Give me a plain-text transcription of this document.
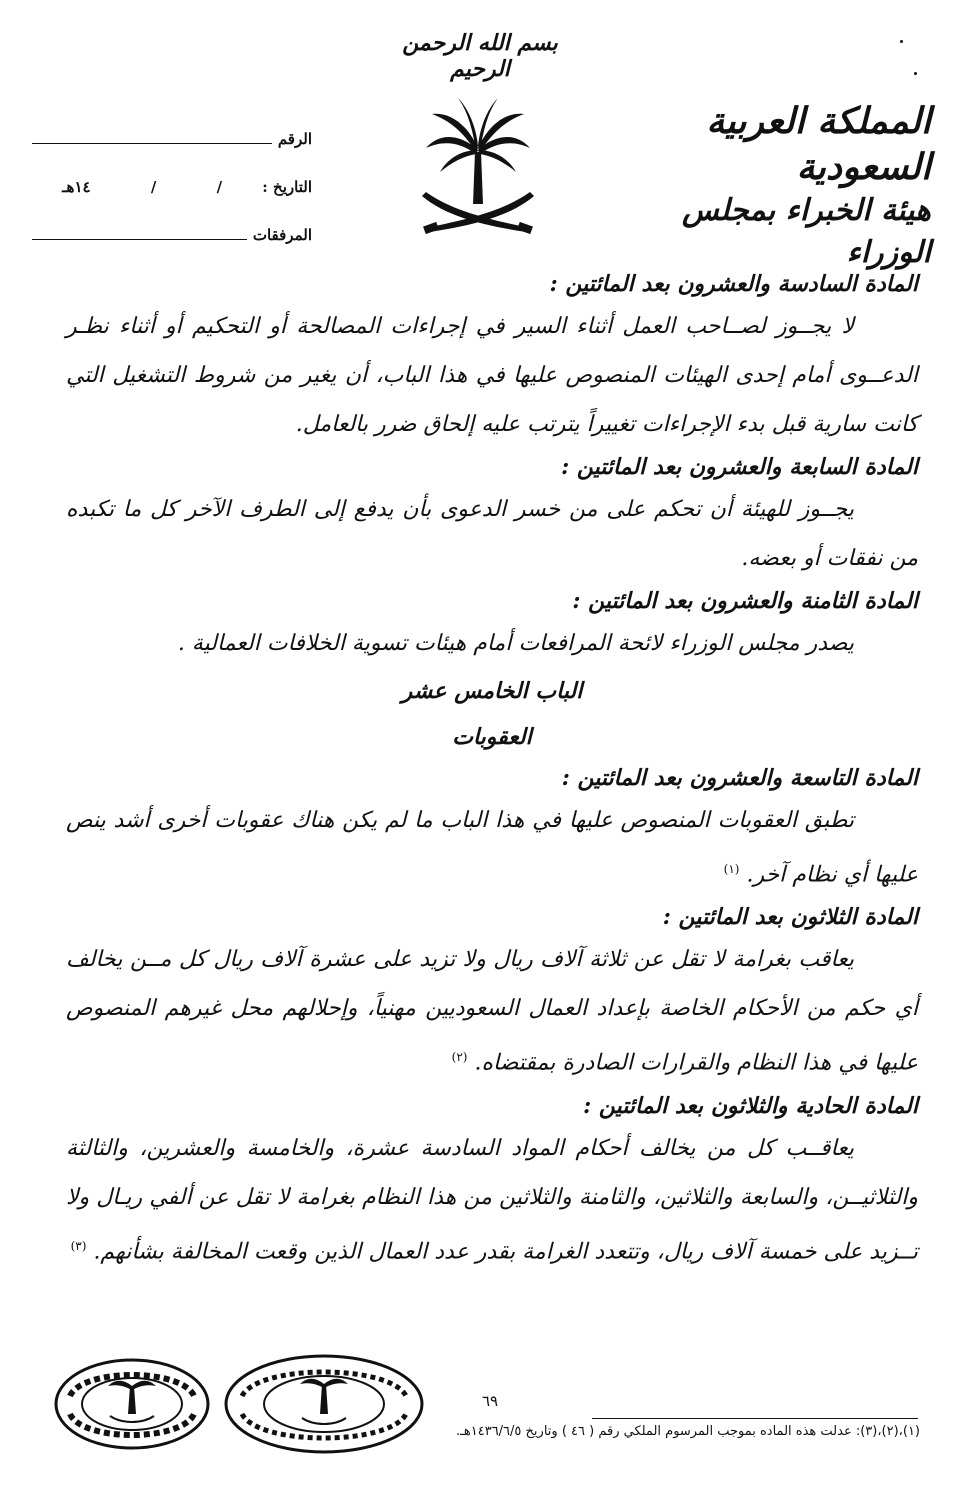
بسم الله الرحمن الرحيم
المملكة العربية السعودية
هيئة الخبراء بمجلس الوزراء
الرقم
التاريخ :
/
/
١٤هـ
المرفقات

المادة السادسة والعشرون بعد المائتين :

لا يجــوز لصــاحب العمل أثناء السير في إجراءات المصالحة أو التحكيم أو أثناء نظـر الدعــوى أمام إحدى الهيئات المنصوص عليها في هذا الباب، أن يغير من شروط التشغيل التي كانت سارية قبل بدء الإجراءات تغييراً يترتب عليه إلحاق ضرر بالعامل.

المادة السابعة والعشرون بعد المائتين :

يجــوز للهيئة أن تحكم على من خسر الدعوى بأن يدفع إلى الطرف الآخر كل ما تكبده من نفقات أو بعضه.

المادة الثامنة والعشرون بعد المائتين :

يصدر مجلس الوزراء لائحة المرافعات أمام هيئات تسوية الخلافات العمالية .

الباب الخامس عشر

العقوبات

المادة التاسعة والعشرون بعد المائتين :

تطبق العقوبات المنصوص عليها في هذا الباب ما لم يكن هناك عقوبات أخرى أشد ينص عليها أي نظام آخر. $^{(١)}$

المادة الثلاثون بعد المائتين :

يعاقب بغرامة لا تقل عن ثلاثة آلاف ريال ولا تزيد على عشرة آلاف ريال كل مــن يخالف أي حكم من الأحكام الخاصة بإعداد العمال السعوديين مهنياً، وإحلالهم محل غيرهم المنصوص عليها في هذا النظام والقرارات الصادرة بمقتضاه. $^{(٢)}$

المادة الحادية والثلاثون بعد المائتين :

يعاقــب كل من يخالف أحكام المواد السادسة عشرة، والخامسة والعشرين، والثالثة والثلاثيــن، والسابعة والثلاثين، والثامنة والثلاثين من هذا النظام بغرامة لا تقل عن ألفي ريـال ولا تــزيد على خمسة آلاف ريال، وتتعدد الغرامة بقدر عدد العمال الذين وقعت المخالفة بشأنهم. $^{(٣)}$

٦٩
(١)،(٢)،(٣): عدلت هذه الماده بموجب المرسوم الملكي رقم ( ٤٦ ) وتاريخ ١٤٣٦/٦/٥هـ.
